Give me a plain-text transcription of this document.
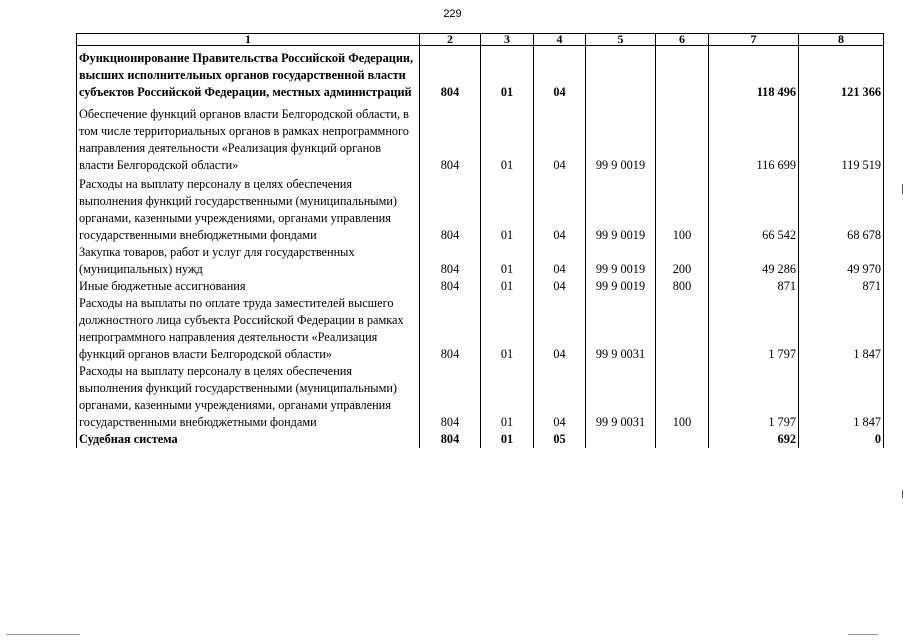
229
1	2	3	4	5	6	7	8
Функционирование Правительства Российской Федерации, высших исполнительных органов государственной власти субъектов Российской Федерации, местных администраций	804	01	04			118 496	121 366
Обеспечение функций органов власти Белгородской области, в том числе территориальных органов в рамках непрограммного направления деятельности «Реализация функций органов власти Белгородской области»	804	01	04	99 9 0019		116 699	119 519
Расходы на выплату персоналу в целях обеспечения выполнения функций государственными (муниципальными) органами, казенными учреждениями, органами управления государственными внебюджетными фондами	804	01	04	99 9 0019	100	66 542	68 678
Закупка товаров, работ и услуг для государственных (муниципальных) нужд	804	01	04	99 9 0019	200	49 286	49 970
Иные бюджетные ассигнования	804	01	04	99 9 0019	800	871	871
Расходы на выплаты по оплате труда заместителей высшего должностного лица субъекта Российской Федерации в рамках непрограммного направления деятельности «Реализация функций органов власти Белгородской области»	804	01	04	99 9 0031		1 797	1 847
Расходы на выплату персоналу в целях обеспечения выполнения функций государственными (муниципальными) органами, казенными учреждениями, органами управления государственными внебюджетными фондами	804	01	04	99 9 0031	100	1 797	1 847
Судебная система	804	01	05			692	0
